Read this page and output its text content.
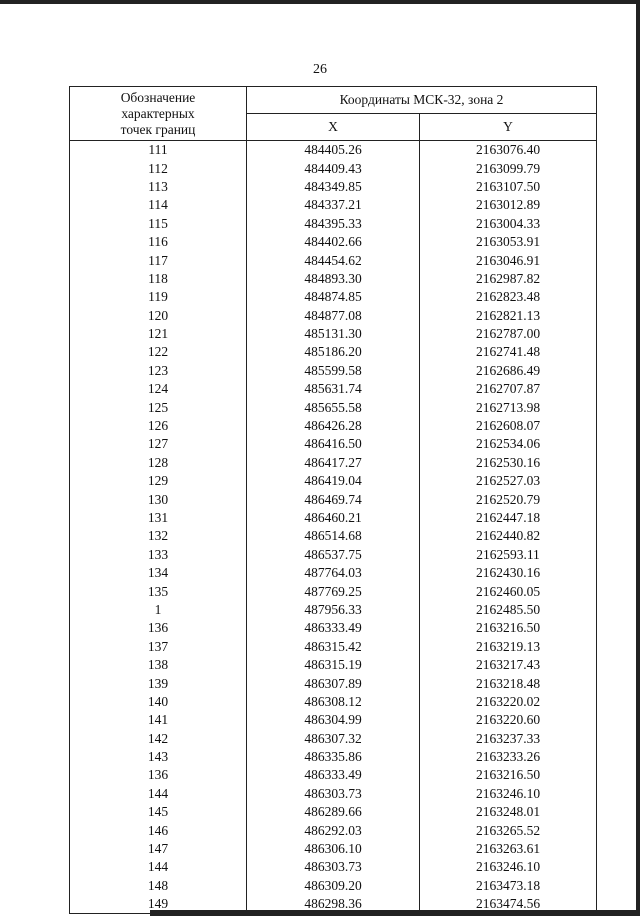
26
Обозначение
характерных
точек границ	Координаты МСК-32, зона 2	
	X	Y
111	484405.26	2163076.40
112	484409.43	2163099.79
113	484349.85	2163107.50
114	484337.21	2163012.89
115	484395.33	2163004.33
116	484402.66	2163053.91
117	484454.62	2163046.91
118	484893.30	2162987.82
119	484874.85	2162823.48
120	484877.08	2162821.13
121	485131.30	2162787.00
122	485186.20	2162741.48
123	485599.58	2162686.49
124	485631.74	2162707.87
125	485655.58	2162713.98
126	486426.28	2162608.07
127	486416.50	2162534.06
128	486417.27	2162530.16
129	486419.04	2162527.03
130	486469.74	2162520.79
131	486460.21	2162447.18
132	486514.68	2162440.82
133	486537.75	2162593.11
134	487764.03	2162430.16
135	487769.25	2162460.05
1	487956.33	2162485.50
136	486333.49	2163216.50
137	486315.42	2163219.13
138	486315.19	2163217.43
139	486307.89	2163218.48
140	486308.12	2163220.02
141	486304.99	2163220.60
142	486307.32	2163237.33
143	486335.86	2163233.26
136	486333.49	2163216.50
144	486303.73	2163246.10
145	486289.66	2163248.01
146	486292.03	2163265.52
147	486306.10	2163263.61
144	486303.73	2163246.10
148	486309.20	2163473.18
149	486298.36	2163474.56
